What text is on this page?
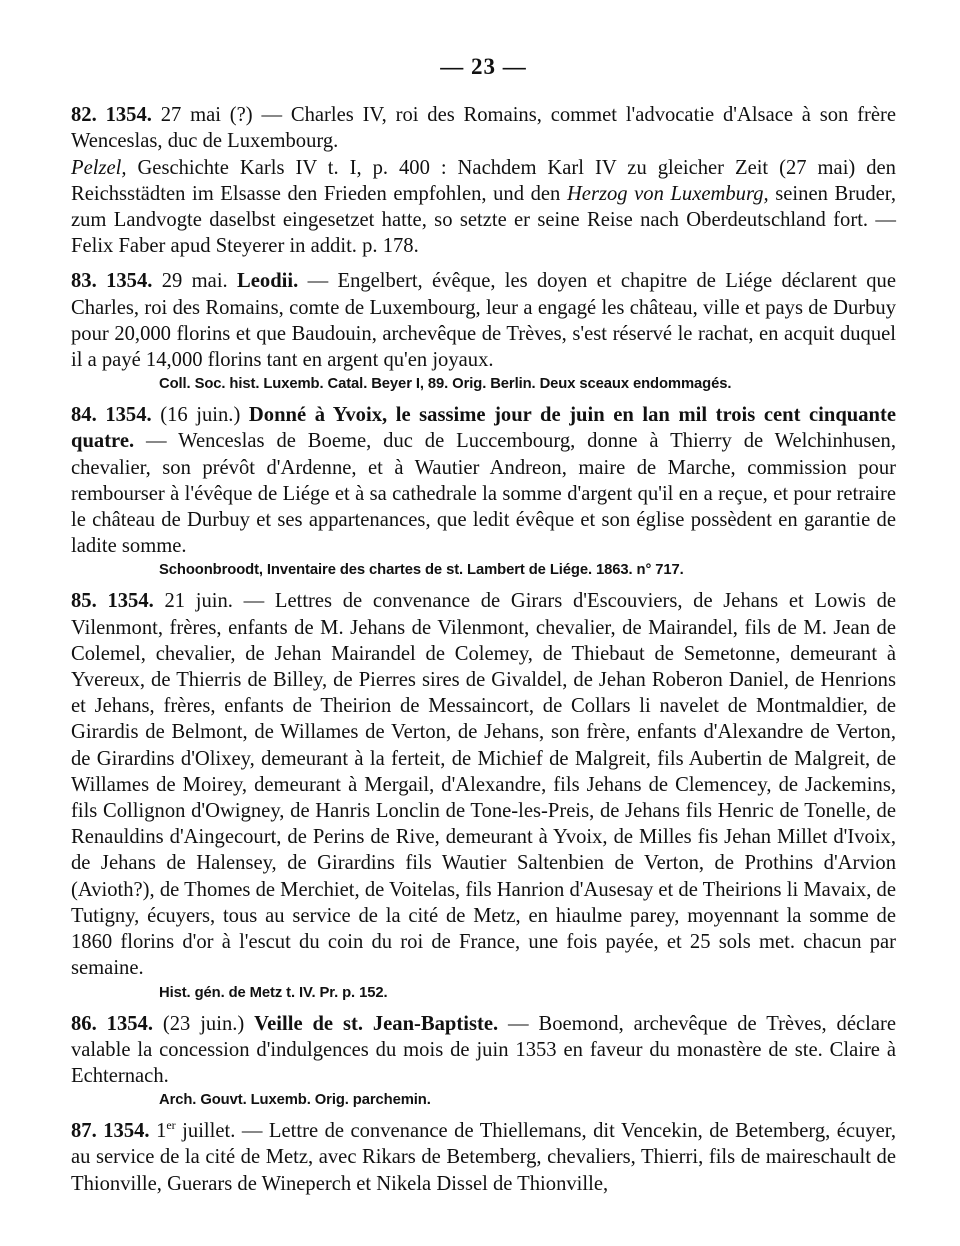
— 23 —

82. 1354. 27 mai (?) — Charles IV, roi des Romains, commet l'advocatie d'Alsace à son frère Wenceslas, duc de Luxembourg.

Pelzel, Geschichte Karls IV t. I, p. 400 : Nachdem Karl IV zu gleicher Zeit (27 mai) den Reichsstädten im Elsasse den Frieden empfohlen, und den Herzog von Luxemburg, seinen Bruder, zum Landvogte daselbst eingesetzet hatte, so setzte er seine Reise nach Oberdeutschland fort. — Felix Faber apud Steyerer in addit. p. 178.

83. 1354. 29 mai. Leodii. — Engelbert, évêque, les doyen et chapitre de Liége déclarent que Charles, roi des Romains, comte de Luxembourg, leur a engagé les château, ville et pays de Durbuy pour 20,000 florins et que Baudouin, archevêque de Trèves, s'est réservé le rachat, en acquit duquel il a payé 14,000 florins tant en argent qu'en joyaux.

Coll. Soc. hist. Luxemb. Catal. Beyer I, 89. Orig. Berlin. Deux sceaux endommagés.

84. 1354. (16 juin.) Donné à Yvoix, le sassime jour de juin en lan mil trois cent cinquante quatre. — Wenceslas de Boeme, duc de Luccembourg, donne à Thierry de Welchinhusen, chevalier, son prévôt d'Ardenne, et à Wautier Andreon, maire de Marche, commission pour rembourser à l'évêque de Liége et à sa cathedrale la somme d'argent qu'il en a reçue, et pour retraire le château de Durbuy et ses appartenances, que ledit évêque et son église possèdent en garantie de ladite somme.

Schoonbroodt, Inventaire des chartes de st. Lambert de Liége. 1863. n° 717.

85. 1354. 21 juin. — Lettres de convenance de Girars d'Escouviers, de Jehans et Lowis de Vilenmont, frères, enfants de M. Jehans de Vilenmont, chevalier, de Mairandel, fils de M. Jean de Colemel, chevalier, de Jehan Mairandel de Colemey, de Thiebaut de Semetonne, demeurant à Yvereux, de Thierris de Billey, de Pierres sires de Givaldel, de Jehan Roberon Daniel, de Henrions et Jehans, frères, enfants de Theirion de Messaincort, de Collars li navelet de Montmaldier, de Girardis de Belmont, de Willames de Verton, de Jehans, son frère, enfants d'Alexandre de Verton, de Girardins d'Olixey, demeurant à la ferteit, de Michief de Malgreit, fils Aubertin de Malgreit, de Willames de Moirey, demeurant à Mergail, d'Alexandre, fils Jehans de Clemencey, de Jackemins, fils Collignon d'Owigney, de Hanris Lonclin de Tone-les-Preis, de Jehans fils Henric de Tonelle, de Renauldins d'Aingecourt, de Perins de Rive, demeurant à Yvoix, de Milles fis Jehan Millet d'Ivoix, de Jehans de Halensey, de Girardins fils Wautier Saltenbien de Verton, de Prothins d'Arvion (Avioth?), de Thomes de Merchiet, de Voitelas, fils Hanrion d'Ausesay et de Theirions li Mavaix, de Tutigny, écuyers, tous au service de la cité de Metz, en hiaulme parey, moyennant la somme de 1860 florins d'or à l'escut du coin du roi de France, une fois payée, et 25 sols met. chacun par semaine.

Hist. gén. de Metz t. IV. Pr. p. 152.

86. 1354. (23 juin.) Veille de st. Jean-Baptiste. — Boemond, archevêque de Trèves, déclare valable la concession d'indulgences du mois de juin 1353 en faveur du monastère de ste. Claire à Echternach.

Arch. Gouvt. Luxemb. Orig. parchemin.

87. 1354. 1er juillet. — Lettre de convenance de Thiellemans, dit Vencekin, de Betemberg, écuyer, au service de la cité de Metz, avec Rikars de Betemberg, chevaliers, Thierri, fils de maireschault de Thionville, Guerars de Wineperch et Nikela Dissel de Thionville,
